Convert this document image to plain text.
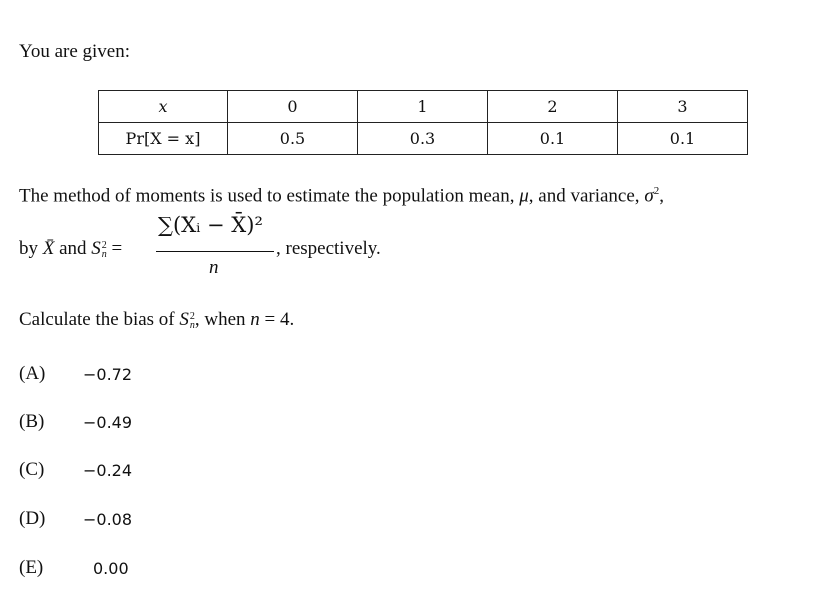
You are given:
x	0	1	2	3
Pr[X = x]	0.5	0.3	0.1	0.1
The method of moments is used to estimate the population mean, μ, and variance, $\sigma^2$,
by X̄ and S2
n =
∑(Xᵢ − X̄)²
n
, respectively.
Calculate the bias of S2
n, when n = 4.
(A) −0.72
(B) −0.49
(C) −0.24
(D) −0.08
(E)	0.00
